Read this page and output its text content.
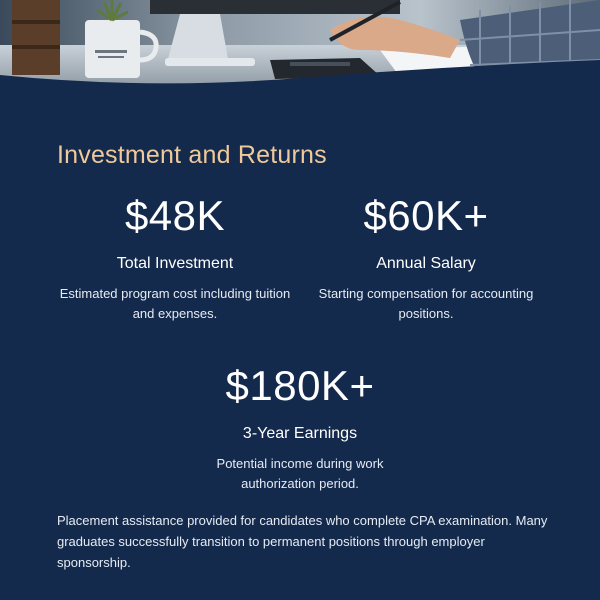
Investment and Returns
$48K
Total Investment
Estimated program cost including tuition and expenses.
$60K+
Annual Salary
Starting compensation for accounting positions.
$180K+
3-Year Earnings
Potential income during work authorization period.

Placement assistance provided for candidates who complete CPA examination. Many graduates successfully transition to permanent positions through employer sponsorship.
